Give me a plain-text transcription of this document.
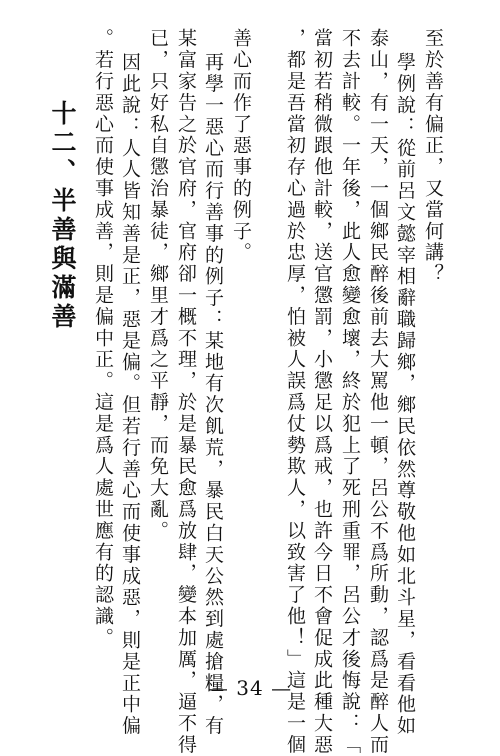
至於善有偏正，又當何講？
學例說：從前呂文懿宰相辭職歸鄉，鄉民依然尊敬他如北斗星，看看他如
泰山，有一天，一個鄉民醉後前去大罵他一頓，呂公不爲所動，認爲是醉人而
不去計較。一年後，此人愈變愈壞，終於犯上了死刑重罪，呂公才後悔說：「
當初若稍微跟他計較，送官懲罰，小懲足以爲戒，也許今日不會促成此種大惡
，都是吾當初存心過於忠厚，怕被人誤爲仗勢欺人，以致害了他！」這是一個
善心而作了惡事的例子。
再學一惡心而行善事的例子：某地有次飢荒，暴民白天公然到處搶糧，有
某富家告之於官府，官府卻一概不理，於是暴民愈爲放肆，變本加厲，逼不得
已，只好私自懲治暴徒，鄉里才爲之平靜，而免大亂。
因此說：人人皆知善是正，惡是偏。但若行善心而使事成惡，則是正中偏
。若行惡心而使事成善，則是偏中正。這是爲人處世應有的認識。
十二、半善與滿善
— 34 —
